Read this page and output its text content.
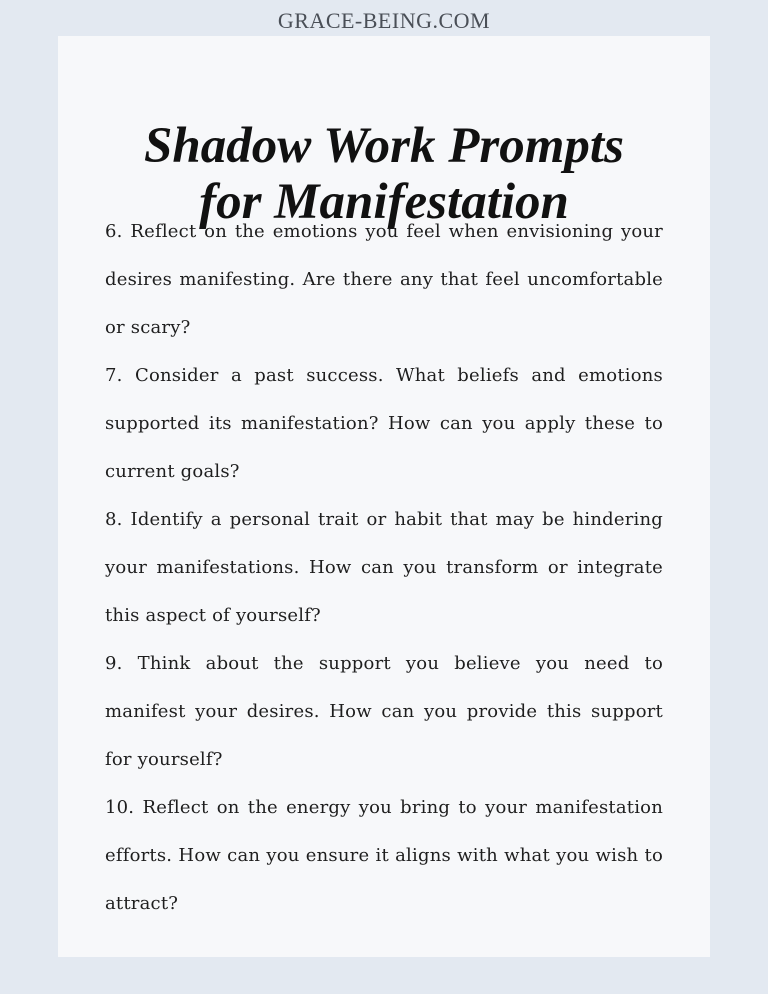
GRACE-BEING.COM
Shadow Work Prompts
for Manifestation

6. Reflect on the emotions you feel when envisioning your desires manifesting. Are there any that feel uncomfortable or scary?

7. Consider a past success. What beliefs and emotions supported its manifestation? How can you apply these to current goals?

8. Identify a personal trait or habit that may be hindering your manifestations. How can you transform or integrate this aspect of yourself?

9. Think about the support you believe you need to manifest your desires. How can you provide this support for yourself?

10. Reflect on the energy you bring to your manifestation efforts. How can you ensure it aligns with what you wish to attract?
